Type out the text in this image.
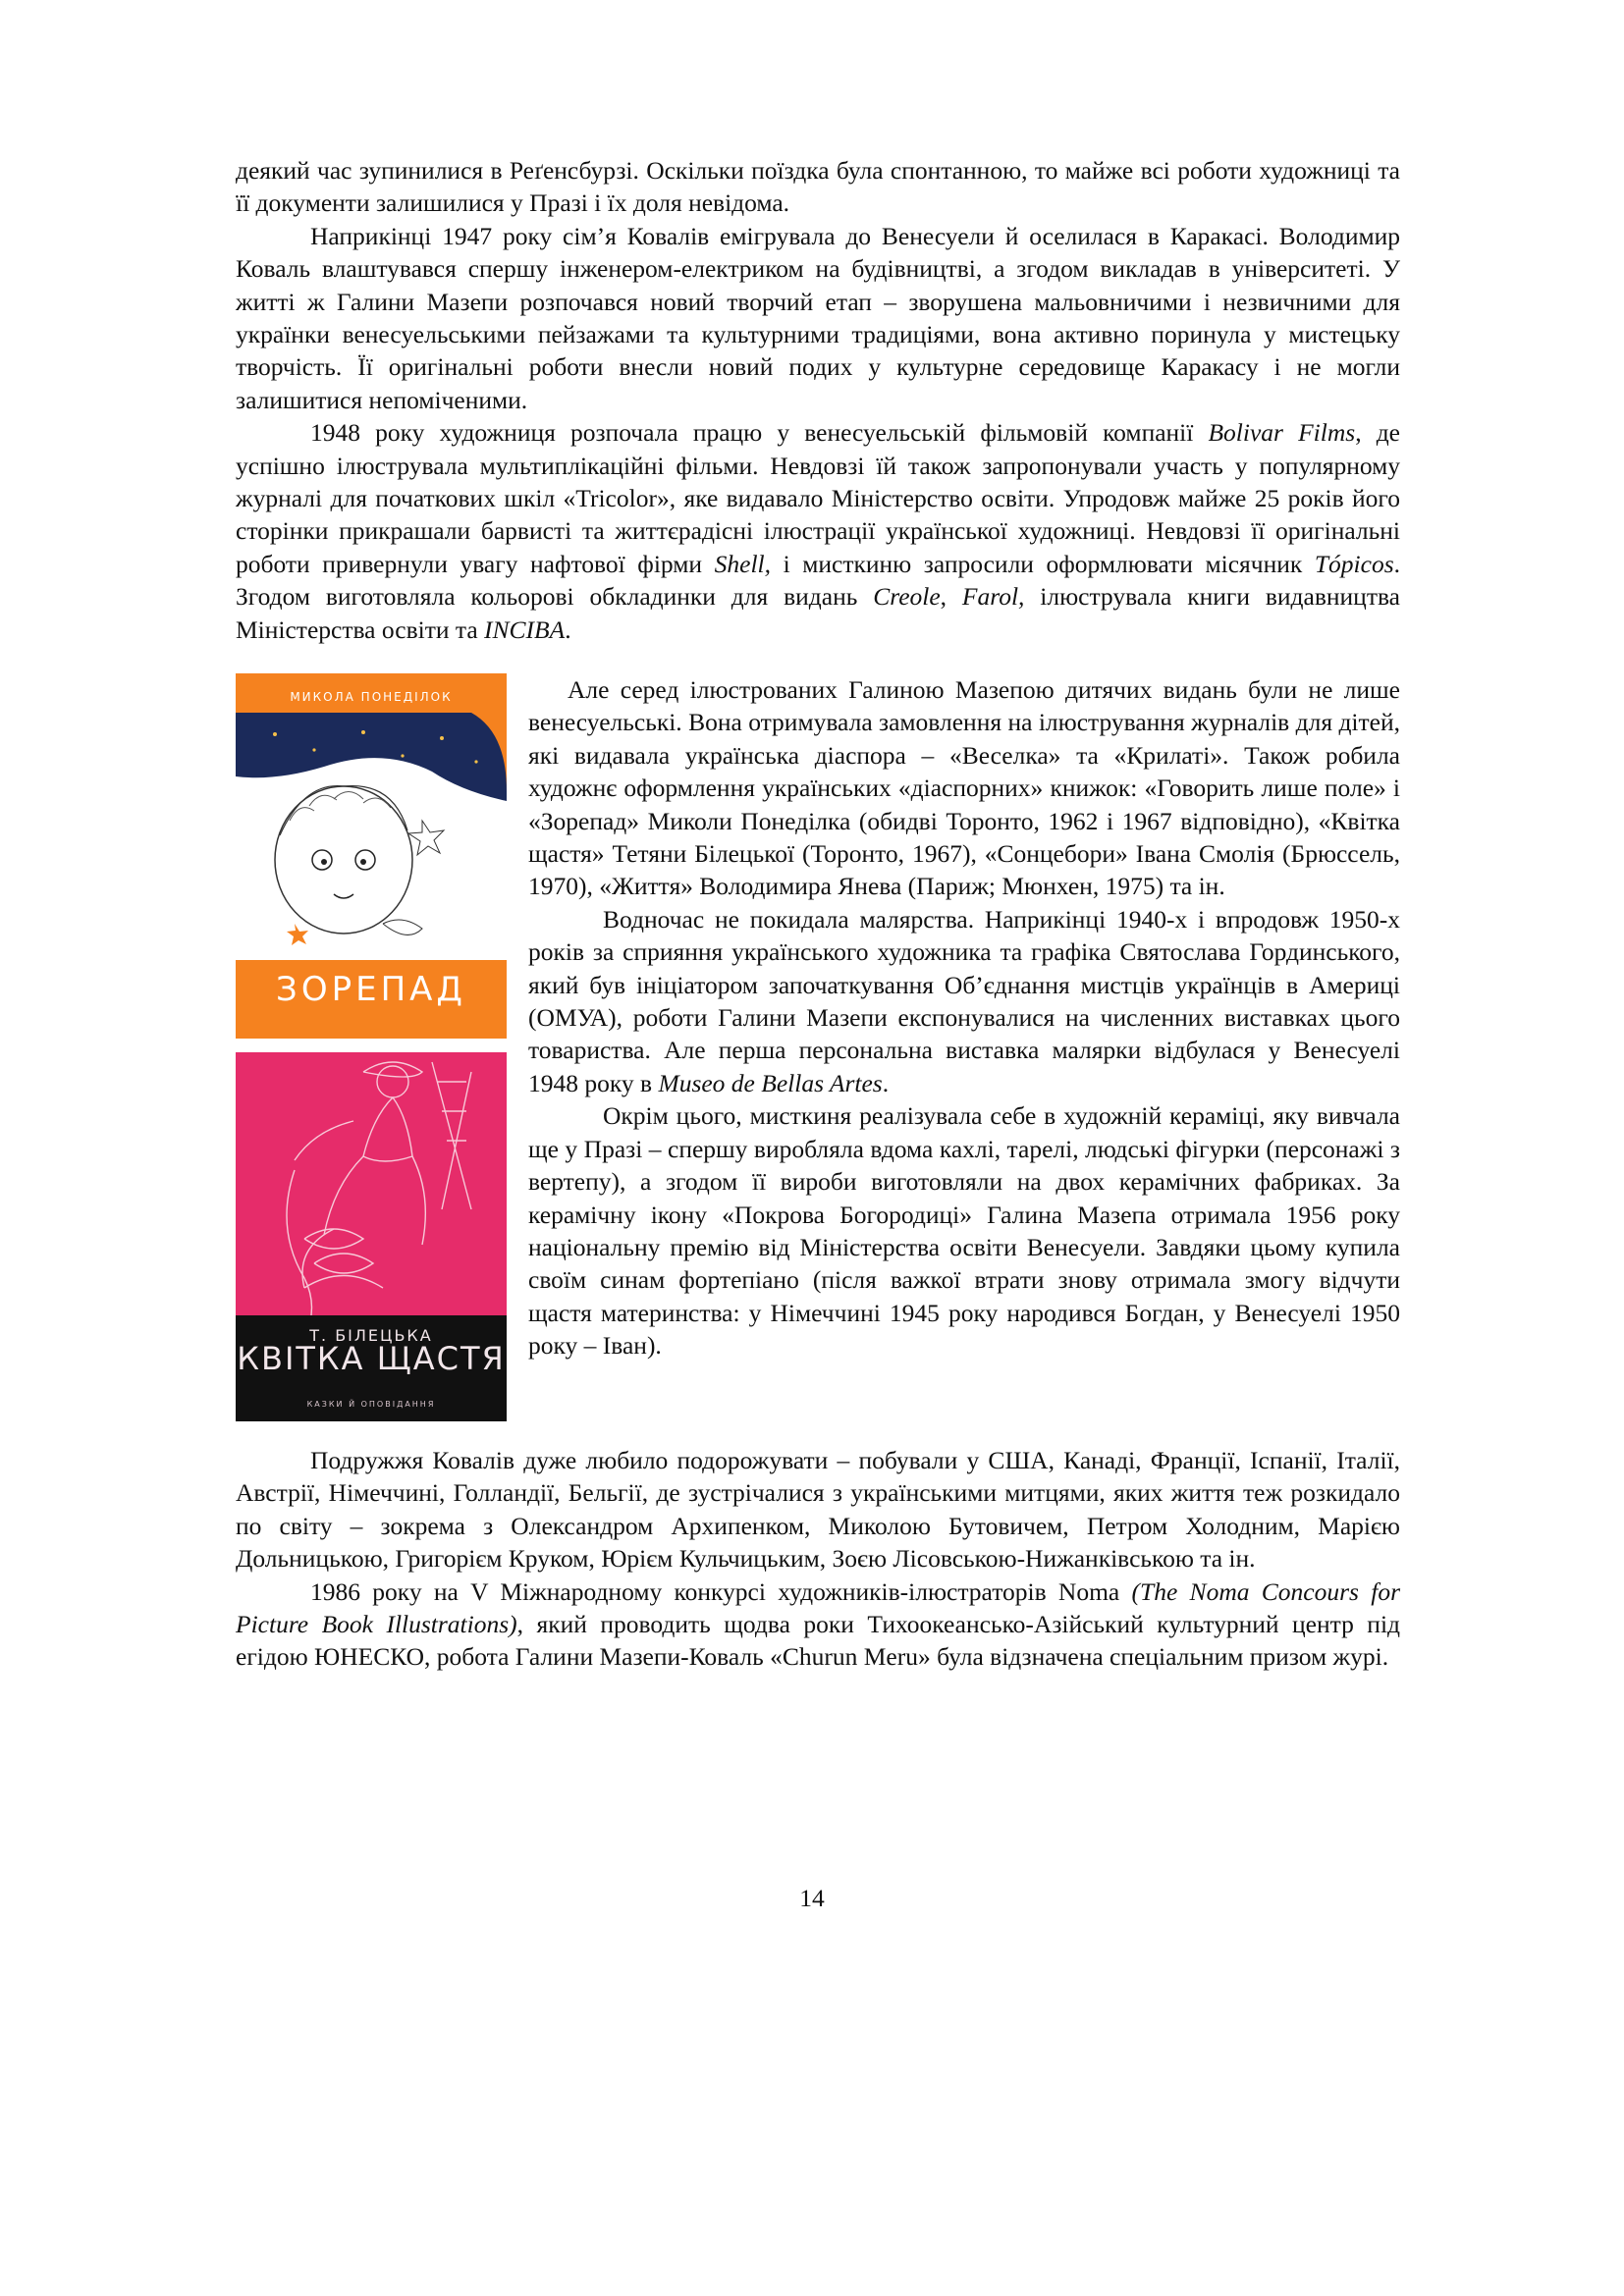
деякий час зупинилися в Реґенсбурзі. Оскільки поїздка була спонтанною, то майже всі роботи художниці та її документи залишилися у Празі і їх доля невідома.

Наприкінці 1947 року сім’я Ковалів емігрувала до Венесуели й оселилася в Каракасі. Володимир Коваль влаштувався спершу інженером-електриком на будівництві, а згодом викладав в університеті. У житті ж Галини Мазепи розпочався новий творчий етап – зворушена мальовничими і незвичними для українки венесуельськими пейзажами та культурними традиціями, вона активно поринула у мистецьку творчість. Її оригінальні роботи внесли новий подих у культурне середовище Каракасу і не могли залишитися непоміченими.

1948 року художниця розпочала працю у венесуельській фільмовій компанії Bolivar Films, де успішно ілюструвала мультиплікаційні фільми. Невдовзі їй також запропонували участь у популярному журналі для початкових шкіл «Tricolor», яке видавало Міністерство освіти. Упродовж майже 25 років його сторінки прикрашали барвисті та життєрадісні ілюстрації української художниці. Невдовзі її оригінальні роботи привернули увагу нафтової фірми Shell, і мисткиню запросили оформлювати місячник Tópicos. Згодом виготовляла кольорові обкладинки для видань Creole, Farol, ілюструвала книги видавництва Міністерства освіти та INCIBA.

МИКОЛА ПОНЕДІЛОК
ЗОРЕПАД
Т. БІЛЕЦЬКА
КВІТКА ЩАСТЯ
КАЗКИ Й ОПОВІДАННЯ

Але серед ілюстрованих Галиною Мазепою дитячих видань були не лише венесуельські. Вона отримувала замовлення на ілюстрування журналів для дітей, які видавала українська діаспора – «Веселка» та «Крилаті». Також робила художнє оформлення українських «діаспорних» книжок: «Говорить лише поле» і «Зорепад» Миколи Понеділка (обидві Торонто, 1962 і 1967 відповідно), «Квітка щастя» Тетяни Білецької (Торонто, 1967), «Сонцебори» Івана Смолія (Брюссель, 1970), «Життя» Володимира Янева (Париж; Мюнхен, 1975) та ін.

Водночас не покидала малярства. Наприкінці 1940-х і впродовж 1950-х років за сприяння українського художника та графіка Святослава Гординського, який був ініціатором започаткування Об’єднання мистців українців в Америці (ОМУА), роботи Галини Мазепи експонувалися на численних виставках цього товариства. Але перша персональна виставка малярки відбулася у Венесуелі 1948 року в Museo de Bellas Artes.

Окрім цього, мисткиня реалізувала себе в художній кераміці, яку вивчала ще у Празі – спершу виробляла вдома кахлі, тарелі, людські фігурки (персонажі з вертепу), а згодом її вироби виготовляли на двох керамічних фабриках. За керамічну ікону «Покрова Богородиці» Галина Мазепа отримала 1956 року національну премію від Міністерства освіти Венесуели. Завдяки цьому купила своїм синам фортепіано (після важкої втрати знову отримала змогу відчути щастя материнства: у Німеччині 1945 року народився Богдан, у Венесуелі 1950 року – Іван).

Подружжя Ковалів дуже любило подорожувати – побували у США, Канаді, Франції, Іспанії, Італії, Австрії, Німеччині, Голландії, Бельгії, де зустрічалися з українськими митцями, яких життя теж розкидало по світу – зокрема з Олександром Архипенком, Миколою Бутовичем, Петром Холодним, Марією Дольницькою, Григорієм Круком, Юрієм Кульчицьким, Зоєю Лісовською-Нижанківською та ін.

1986 року на V Міжнародному конкурсі художників-ілюстраторів Noma (The Noma Concours for Picture Book Illustrations), який проводить щодва роки Тихоокеансько-Азійський культурний центр під егідою ЮНЕСКО, робота Галини Мазепи-Коваль «Churun Meru» була відзначена спеціальним призом журі.

14
